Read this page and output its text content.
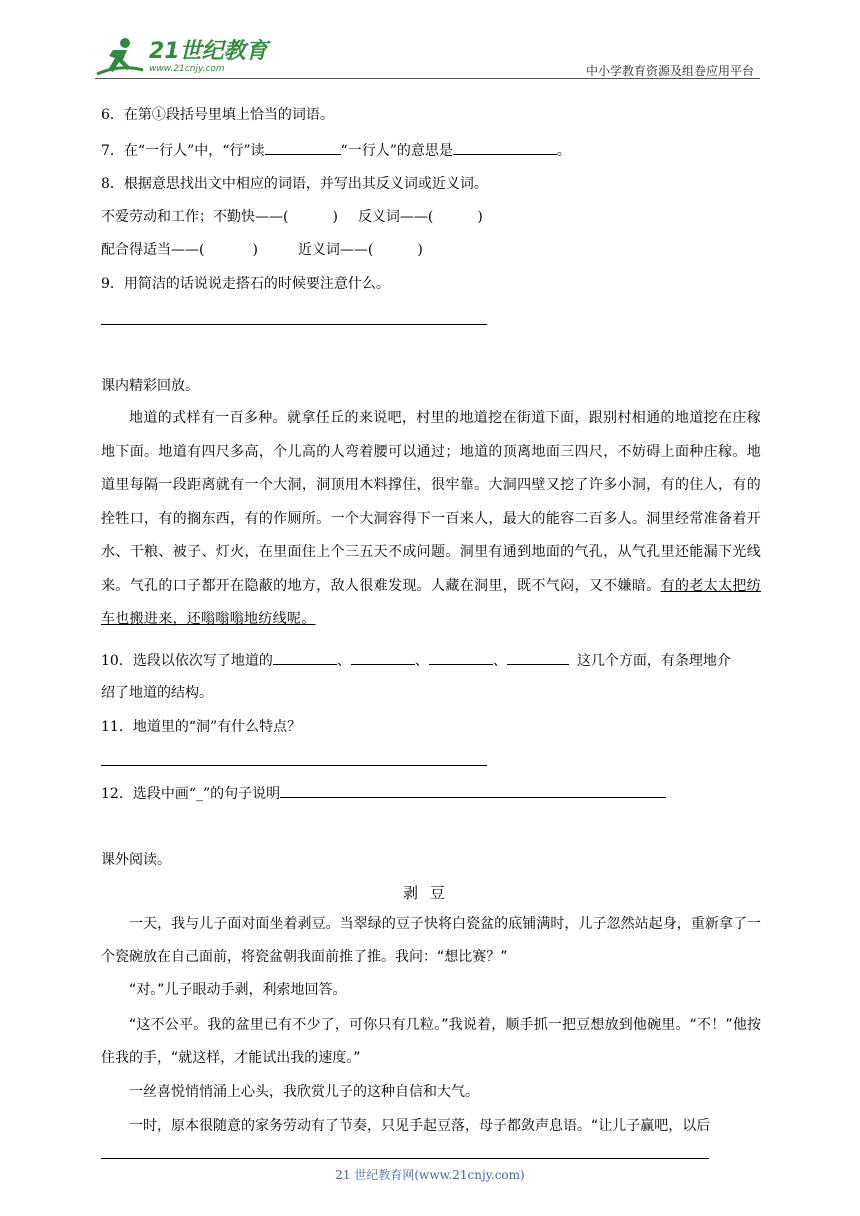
21世纪教育
www.21cnjy.com	中小学教育资源及组卷应用平台
6．在第①段括号里填上恰当的词语。
7．在“一行人”中，“行”读	“一行人”的意思是	。
8．根据意思找出文中相应的词语，并写出其反义词或近义词。
不爱劳动和工作；不勤快——(	) 反义词——(	)
配合得适当——(	)	近义词——(	)
9．用简洁的话说说走搭石的时候要注意什么。
课内精彩回放。
地道的式样有一百多种。就拿任丘的来说吧，村里的地道挖在街道下面，跟别村相通的地道挖在庄稼地下面。地道有四尺多高，个儿高的人弯着腰可以通过；地道的顶离地面三四尺，不妨碍上面种庄稼。地道里每隔一段距离就有一个大洞，洞顶用木料撑住，很牢靠。大洞四壁又挖了许多小洞，有的住人，有的拴牲口，有的搁东西，有的作厕所。一个大洞容得下一百来人，最大的能容二百多人。洞里经常准备着开水、干粮、被子、灯火，在里面住上个三五天不成问题。洞里有通到地面的气孔，从气孔里还能漏下光线来。气孔的口子都开在隐蔽的地方，敌人很难发现。人藏在洞里，既不气闷，又不嫌暗。有的老太太把纺车也搬进来，还嗡嗡嗡地纺线呢。
10．选段以依次写了地道的	、	、	、	这几个方面，有条理地介
绍了地道的结构。
11．地道里的“洞”有什么特点？
12．选段中画“_”的句子说明
课外阅读。
剥豆
一天，我与儿子面对面坐着剥豆。当翠绿的豆子快将白瓷盆的底铺满时，儿子忽然站起身，重新拿了一个瓷碗放在自己面前，将瓷盆朝我面前推了推。我问：“想比赛？”
“对。”儿子眼动手剥，利索地回答。
“这不公平。我的盆里已有不少了，可你只有几粒。”我说着，顺手抓一把豆想放到他碗里。“不！”他按住我的手，“就这样，才能试出我的速度。”
一丝喜悦悄悄涌上心头，我欣赏儿子的这种自信和大气。
一时，原本很随意的家务劳动有了节奏，只见手起豆落，母子都敛声息语。“让儿子赢吧，以后
21 世纪教育网(www.21cnjy.com)
